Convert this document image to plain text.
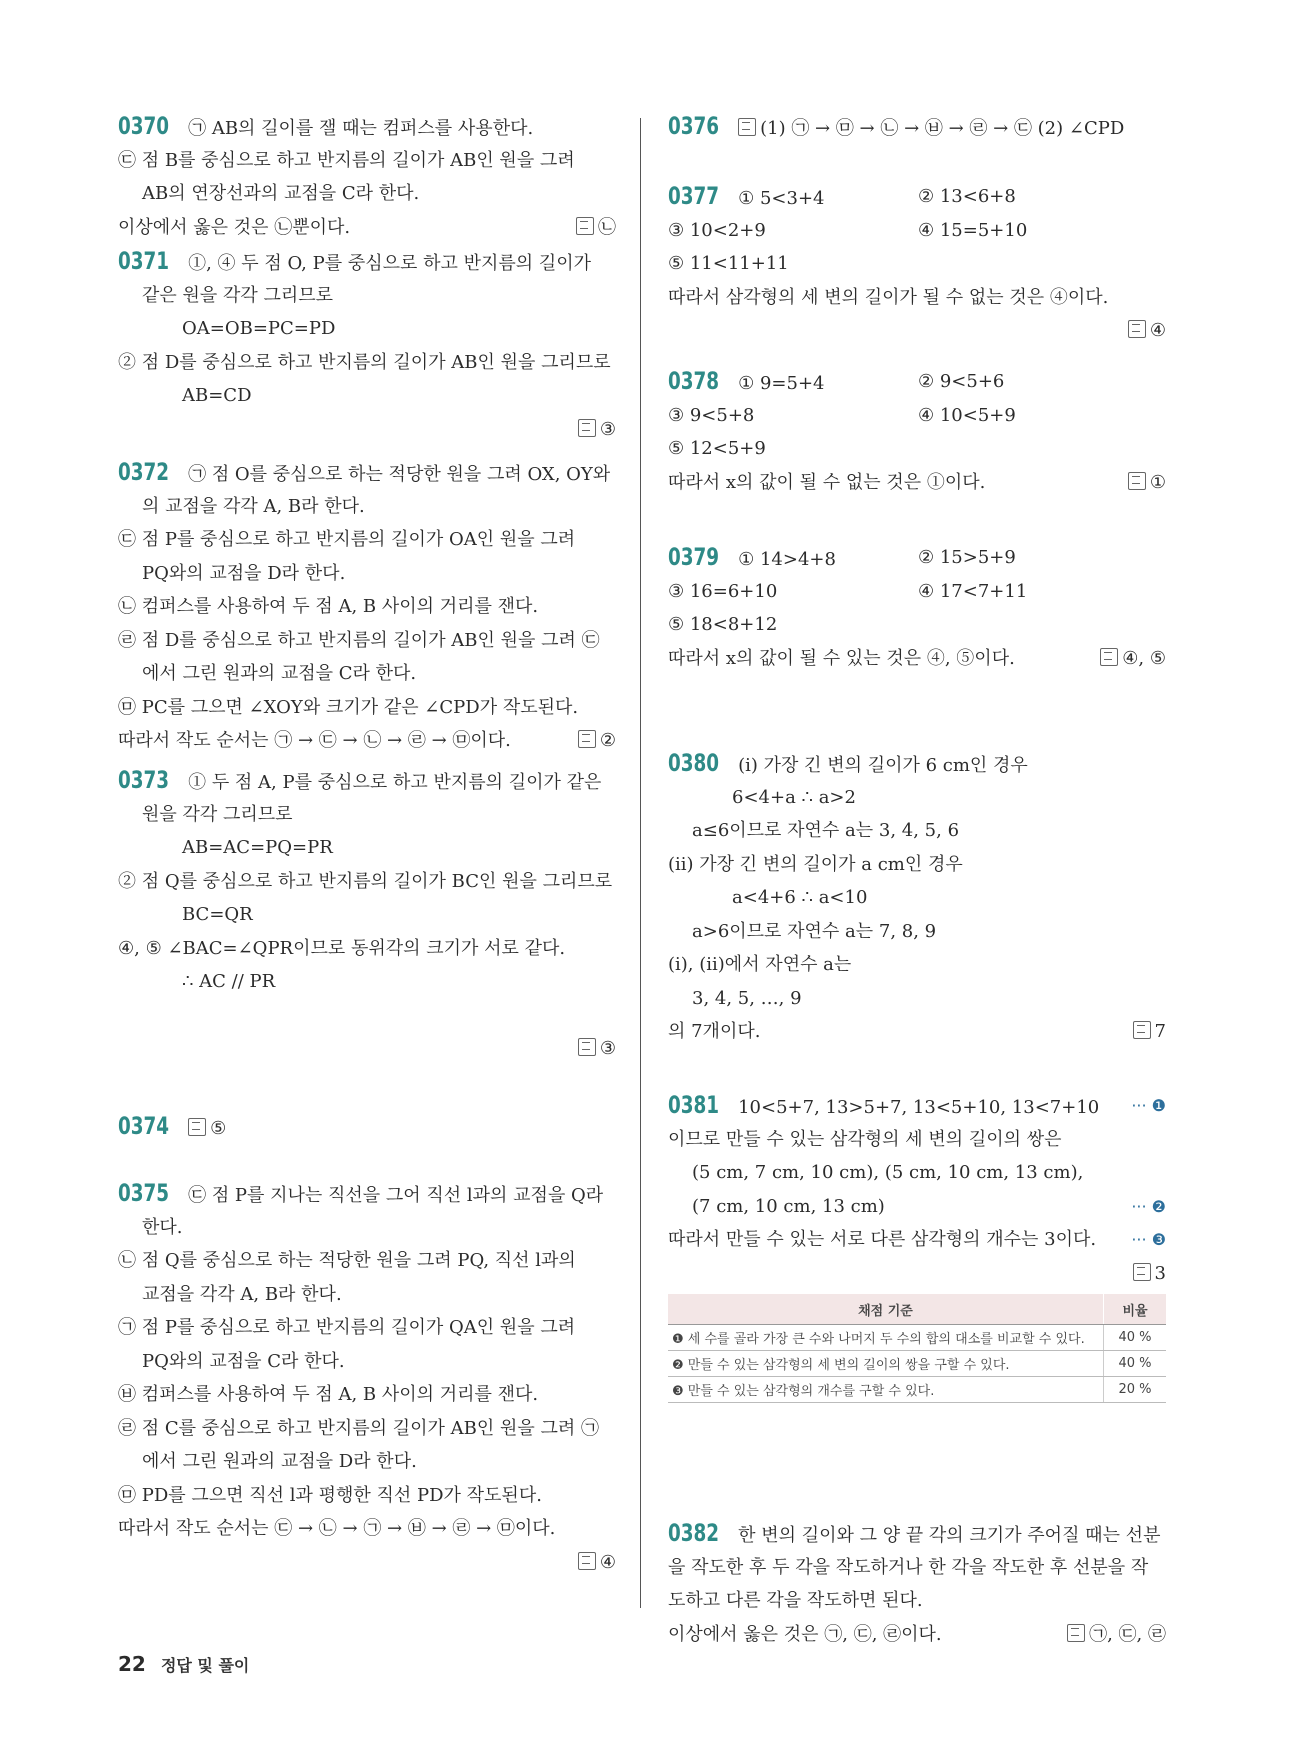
0370 ㉠ AB의 길이를 잴 때는 컴퍼스를 사용한다.
㉢ 점 B를 중심으로 하고 반지름의 길이가 AB인 원을 그려
AB의 연장선과의 교점을 C라 한다.
이상에서 옳은 것은 ㉡뿐이다.	㉡
0371 ①, ④ 두 점 O, P를 중심으로 하고 반지름의 길이가
같은 원을 각각 그리므로
OA=OB=PC=PD
② 점 D를 중심으로 하고 반지름의 길이가 AB인 원을 그리므로
AB=CD
③
0372 ㉠ 점 O를 중심으로 하는 적당한 원을 그려 OX, OY와
의 교점을 각각 A, B라 한다.
㉢ 점 P를 중심으로 하고 반지름의 길이가 OA인 원을 그려
PQ와의 교점을 D라 한다.
㉡ 컴퍼스를 사용하여 두 점 A, B 사이의 거리를 잰다.
㉣ 점 D를 중심으로 하고 반지름의 길이가 AB인 원을 그려 ㉢
에서 그린 원과의 교점을 C라 한다.
㉤ PC를 그으면 ∠XOY와 크기가 같은 ∠CPD가 작도된다.
따라서 작도 순서는 ㉠ → ㉢ → ㉡ → ㉣ → ㉤이다.	②
0373 ① 두 점 A, P를 중심으로 하고 반지름의 길이가 같은
원을 각각 그리므로
AB=AC=PQ=PR
② 점 Q를 중심으로 하고 반지름의 길이가 BC인 원을 그리므로
BC=QR
④, ⑤ ∠BAC=∠QPR이므로 동위각의 크기가 서로 같다.
∴ AC // PR
③
0374 ⑤
0375 ㉢ 점 P를 지나는 직선을 그어 직선 l과의 교점을 Q라
한다.
㉡ 점 Q를 중심으로 하는 적당한 원을 그려 PQ, 직선 l과의
교점을 각각 A, B라 한다.
㉠ 점 P를 중심으로 하고 반지름의 길이가 QA인 원을 그려
PQ와의 교점을 C라 한다.
㉥ 컴퍼스를 사용하여 두 점 A, B 사이의 거리를 잰다.
㉣ 점 C를 중심으로 하고 반지름의 길이가 AB인 원을 그려 ㉠
에서 그린 원과의 교점을 D라 한다.
㉤ PD를 그으면 직선 l과 평행한 직선 PD가 작도된다.
따라서 작도 순서는 ㉢ → ㉡ → ㉠ → ㉥ → ㉣ → ㉤이다.
④
0376 (1) ㉠ → ㉤ → ㉡ → ㉥ → ㉣ → ㉢ (2) ∠CPD
0377 ① 5<3+4	② 13<6+8
③ 10<2+9	④ 15=5+10
⑤ 11<11+11
따라서 삼각형의 세 변의 길이가 될 수 없는 것은 ④이다.
④
0378 ① 9=5+4	② 9<5+6
③ 9<5+8	④ 10<5+9
⑤ 12<5+9
따라서 x의 값이 될 수 없는 것은 ①이다.	①
0379 ① 14>4+8	② 15>5+9
③ 16=6+10	④ 17<7+11
⑤ 18<8+12
따라서 x의 값이 될 수 있는 것은 ④, ⑤이다.	④, ⑤
0380 (ⅰ) 가장 긴 변의 길이가 6 cm인 경우
6<4+a ∴ a>2
a≤6이므로 자연수 a는 3, 4, 5, 6
(ⅱ) 가장 긴 변의 길이가 a cm인 경우
a<4+6 ∴ a<10
a>6이므로 자연수 a는 7, 8, 9
(ⅰ), (ⅱ)에서 자연수 a는
3, 4, 5, …, 9
의 7개이다.	7
0381 10<5+7, 13>5+7, 13<5+10, 13<7+10 ··· ❶
이므로 만들 수 있는 삼각형의 세 변의 길이의 쌍은
(5 cm, 7 cm, 10 cm), (5 cm, 10 cm, 13 cm),
(7 cm, 10 cm, 13 cm)	··· ❷
따라서 만들 수 있는 서로 다른 삼각형의 개수는 3이다. ··· ❸
3
채점 기준	비율
❶ 세 수를 골라 가장 큰 수와 나머지 두 수의 합의 대소를 비교할 수 있다.	40 %
❷ 만들 수 있는 삼각형의 세 변의 길이의 쌍을 구할 수 있다.	40 %
❸ 만들 수 있는 삼각형의 개수를 구할 수 있다.	20 %
0382 한 변의 길이와 그 양 끝 각의 크기가 주어질 때는 선분
을 작도한 후 두 각을 작도하거나 한 각을 작도한 후 선분을 작
도하고 다른 각을 작도하면 된다.
이상에서 옳은 것은 ㉠, ㉢, ㉣이다.	㉠, ㉢, ㉣
22 정답 및 풀이
